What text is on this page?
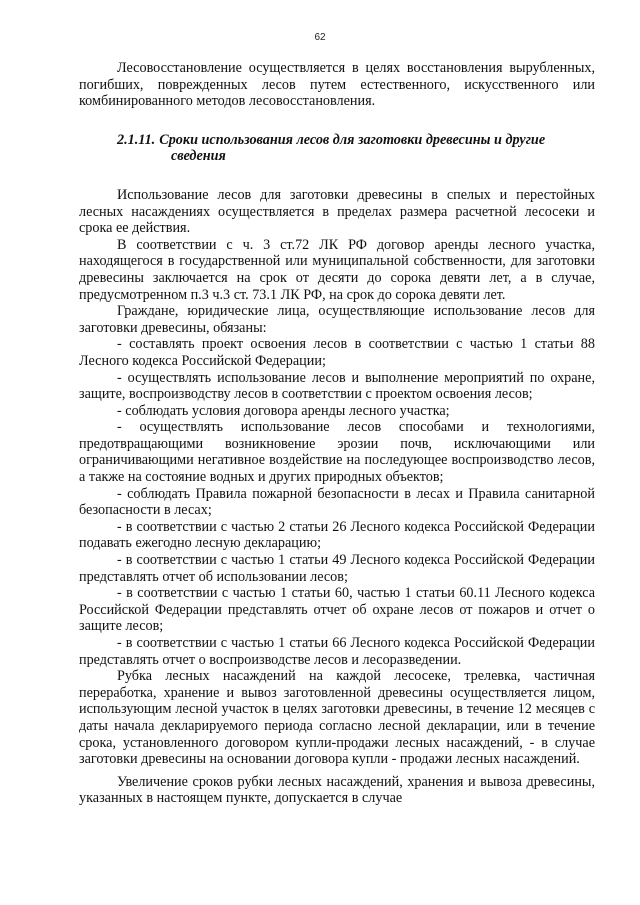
62

Лесовосстановление осуществляется в целях восстановления вырубленных, погибших, поврежденных лесов путем естественного, искусственного или комбинированного методов лесовосстановления.

2.1.11. Сроки использования лесов для заготовки древесины и другие
сведения

Использование лесов для заготовки древесины в спелых и перестойных лесных насаждениях осуществляется в пределах размера расчетной лесосеки и срока ее действия.

В соответствии с ч. 3 ст.72 ЛК РФ договор аренды лесного участка, находящегося в государственной или муниципальной собственности, для заготовки древесины заключается на срок от десяти до сорока девяти лет, а в случае, предусмотренном п.3 ч.3 ст. 73.1 ЛК РФ, на срок до сорока девяти лет.

Граждане, юридические лица, осуществляющие использование лесов для заготовки древесины, обязаны:

- составлять проект освоения лесов в соответствии с частью 1 статьи 88 Лесного кодекса Российской Федерации;

- осуществлять использование лесов и выполнение мероприятий по охране, защите, воспроизводству лесов в соответствии с проектом освоения лесов;

- соблюдать условия договора аренды лесного участка;

- осуществлять использование лесов способами и технологиями, предотвращающими возникновение эрозии почв, исключающими или ограничивающими негативное воздействие на последующее воспроизводство лесов, а также на состояние водных и других природных объектов;

- соблюдать Правила пожарной безопасности в лесах и Правила санитарной безопасности в лесах;

- в соответствии с частью 2 статьи 26 Лесного кодекса Российской Федерации подавать ежегодно лесную декларацию;

- в соответствии с частью 1 статьи 49 Лесного кодекса Российской Федерации представлять отчет об использовании лесов;

- в соответствии с частью 1 статьи 60, частью 1 статьи 60.11 Лесного кодекса Российской Федерации представлять отчет об охране лесов от пожаров и отчет о защите лесов;

- в соответствии с частью 1 статьи 66 Лесного кодекса Российской Федерации представлять отчет о воспроизводстве лесов и лесоразведении.

Рубка лесных насаждений на каждой лесосеке, трелевка, частичная переработка, хранение и вывоз заготовленной древесины осуществляется лицом, использующим лесной участок в целях заготовки древесины, в течение 12 месяцев с даты начала декларируемого периода согласно лесной декларации, или в течение срока, установленного договором купли-продажи лесных насаждений, - в случае заготовки древесины на основании договора купли - продажи лесных насаждений.

Увеличение сроков рубки лесных насаждений, хранения и вывоза древесины, указанных в настоящем пункте, допускается в случае
